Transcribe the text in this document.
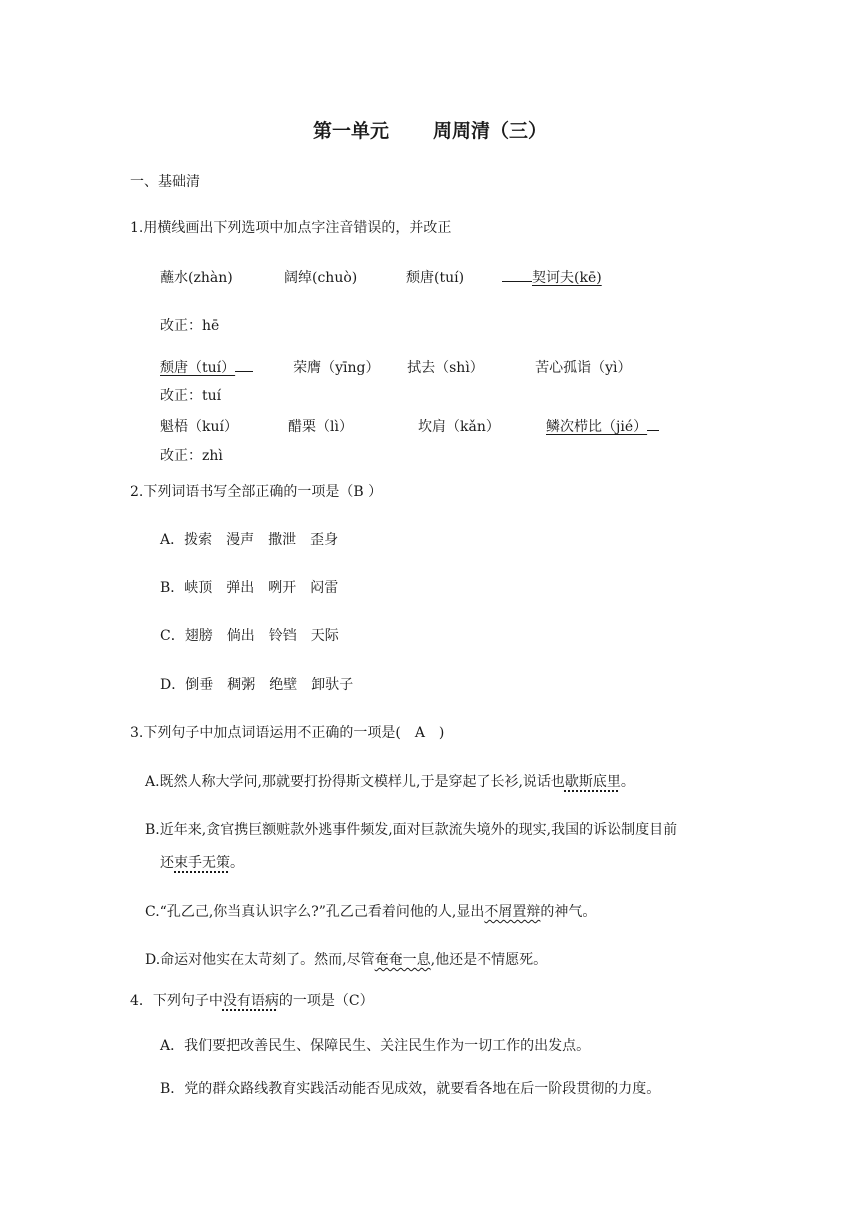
第一单元 周周清（三）
一、基础清
1.用横线画出下列选项中加点字注音错误的，并改正
蘸水(zhàn)	阔绰(chuò)	颓唐(tuí)	契诃夫(kē)
改正：hē
颓唐（tuí）	荣膺（yīng） 拭去（shì）	苦心孤诣（yì）
改正：tuí
魁梧（kuí）	醋栗（lì）	坎肩（kǎn）	鳞次栉比（jié）
改正：zhì
2.下列词语书写全部正确的一项是（B ）
A．拨索　漫声　撒泄　歪身
B．峡顶　弹出　咧开　闷雷
C．翅膀　倘出　铃铛　天际
D．倒垂　稠粥　绝壁　卸驮子
3.下列句子中加点词语运用不正确的一项是(　A　)
A.既然人称大学问,那就要打扮得斯文模样儿,于是穿起了长衫,说话也歇斯底里。
B.近年来,贪官携巨额赃款外逃事件频发,面对巨款流失境外的现实,我国的诉讼制度目前
还束手无策。
C.“孔乙己,你当真认识字么?”孔乙己看着问他的人,显出不屑置辩的神气。
D.命运对他实在太苛刻了。然而,尽管奄奄一息,他还是不情愿死。
4．下列句子中没有语病的一项是（C）
A．我们要把改善民生、保障民生、关注民生作为一切工作的出发点。
B．党的群众路线教育实践活动能否见成效，就要看各地在后一阶段贯彻的力度。
